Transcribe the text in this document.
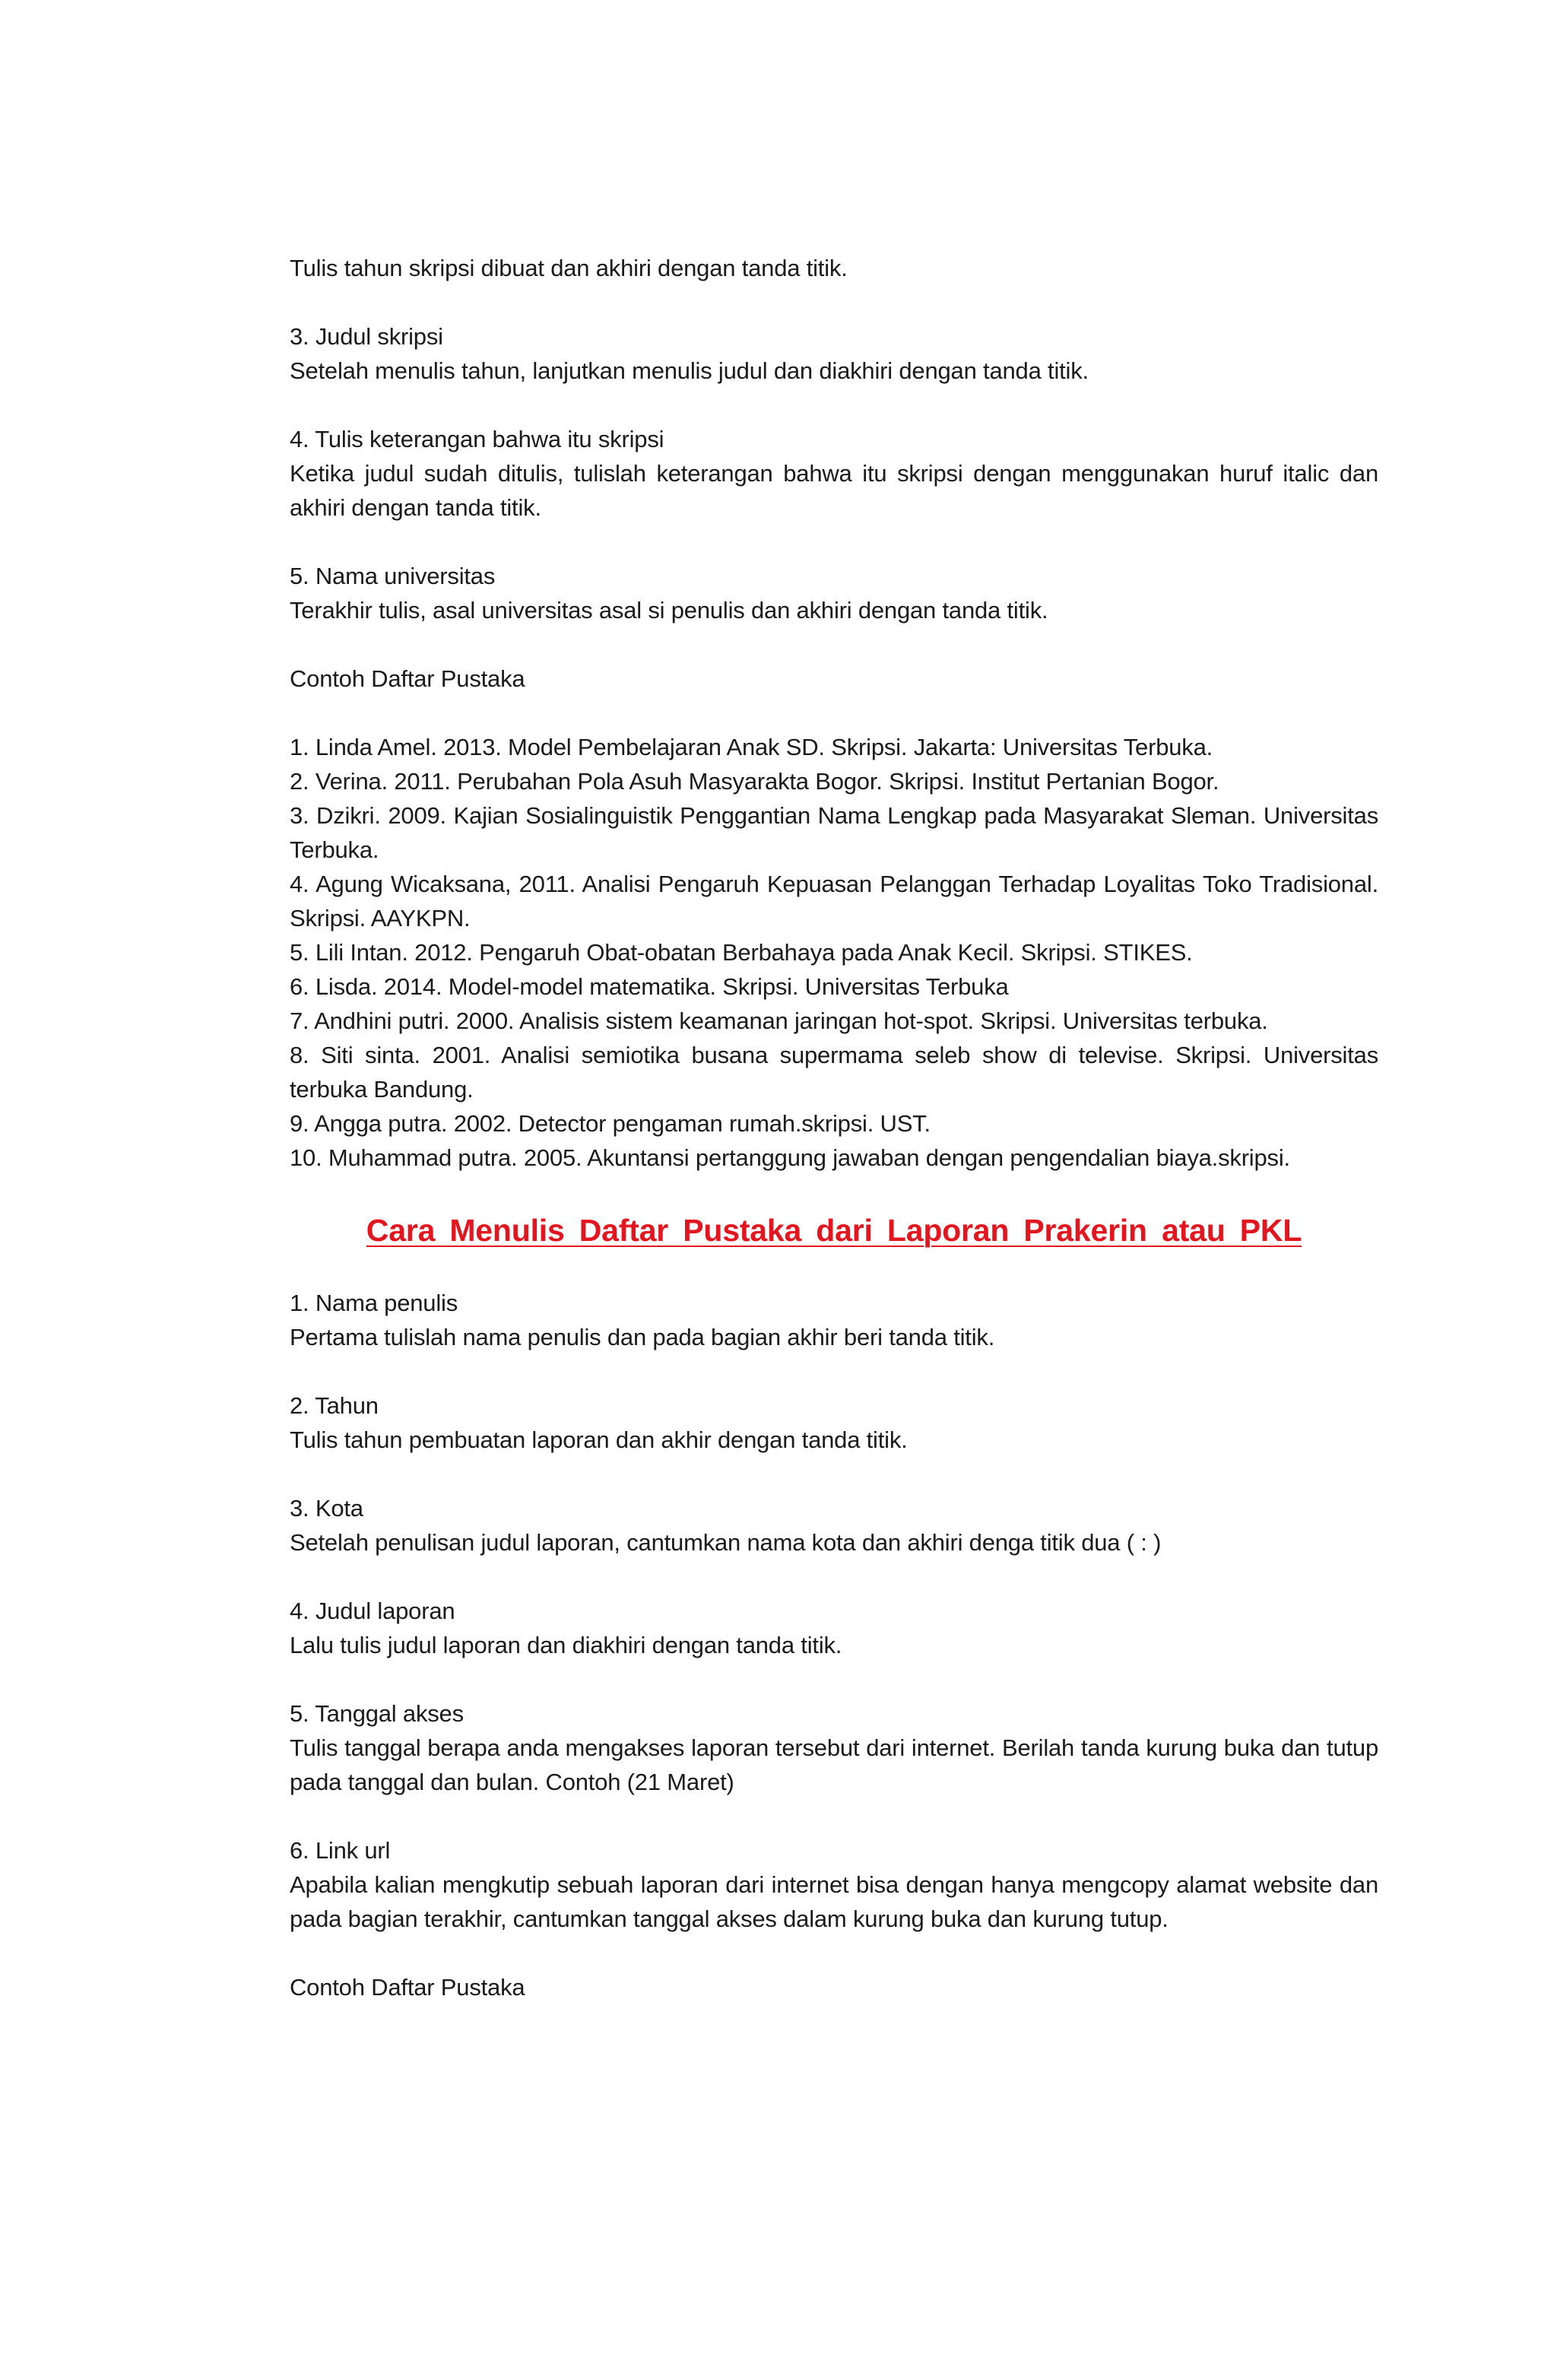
Tulis tahun skripsi dibuat dan akhiri dengan tanda titik.

3. Judul skripsi

Setelah menulis tahun, lanjutkan menulis judul dan diakhiri dengan tanda titik.

4. Tulis keterangan bahwa itu skripsi

Ketika judul sudah ditulis, tulislah keterangan bahwa itu skripsi dengan menggunakan huruf italic dan akhiri dengan tanda titik.

5. Nama universitas

Terakhir tulis, asal universitas asal si penulis dan akhiri dengan tanda titik.

Contoh Daftar Pustaka

1. Linda Amel. 2013. Model Pembelajaran Anak SD. Skripsi. Jakarta: Universitas Terbuka.

2. Verina. 2011. Perubahan Pola Asuh Masyarakta Bogor. Skripsi. Institut Pertanian Bogor.

3. Dzikri. 2009. Kajian Sosialinguistik Penggantian Nama Lengkap pada Masyarakat Sleman. Universitas Terbuka.

4. Agung Wicaksana, 2011. Analisi Pengaruh Kepuasan Pelanggan Terhadap Loyalitas Toko Tradisional. Skripsi. AAYKPN.

5. Lili Intan. 2012. Pengaruh Obat-obatan Berbahaya pada Anak Kecil. Skripsi. STIKES.

6. Lisda. 2014. Model-model matematika. Skripsi. Universitas Terbuka

7. Andhini putri. 2000. Analisis sistem keamanan jaringan hot-spot. Skripsi. Universitas terbuka.

8. Siti sinta. 2001. Analisi semiotika busana supermama seleb show di televise. Skripsi. Universitas terbuka Bandung.

9. Angga putra. 2002. Detector pengaman rumah.skripsi. UST.

10. Muhammad putra. 2005. Akuntansi pertanggung jawaban dengan pengendalian biaya.skripsi.

Cara Menulis Daftar Pustaka dari Laporan Prakerin atau PKL

1. Nama penulis

Pertama tulislah nama penulis dan pada bagian akhir beri tanda titik.

2. Tahun

Tulis tahun pembuatan laporan dan akhir dengan tanda titik.

3. Kota

Setelah penulisan judul laporan, cantumkan nama kota dan akhiri denga titik dua ( : )

4. Judul laporan

Lalu tulis judul laporan dan diakhiri dengan tanda titik.

5. Tanggal akses

Tulis tanggal berapa anda mengakses laporan tersebut dari internet. Berilah tanda kurung buka dan tutup pada tanggal dan bulan. Contoh (21 Maret)

6. Link url

Apabila kalian mengkutip sebuah laporan dari internet bisa dengan hanya mengcopy alamat website dan pada bagian terakhir, cantumkan tanggal akses dalam kurung buka dan kurung tutup.

Contoh Daftar Pustaka
